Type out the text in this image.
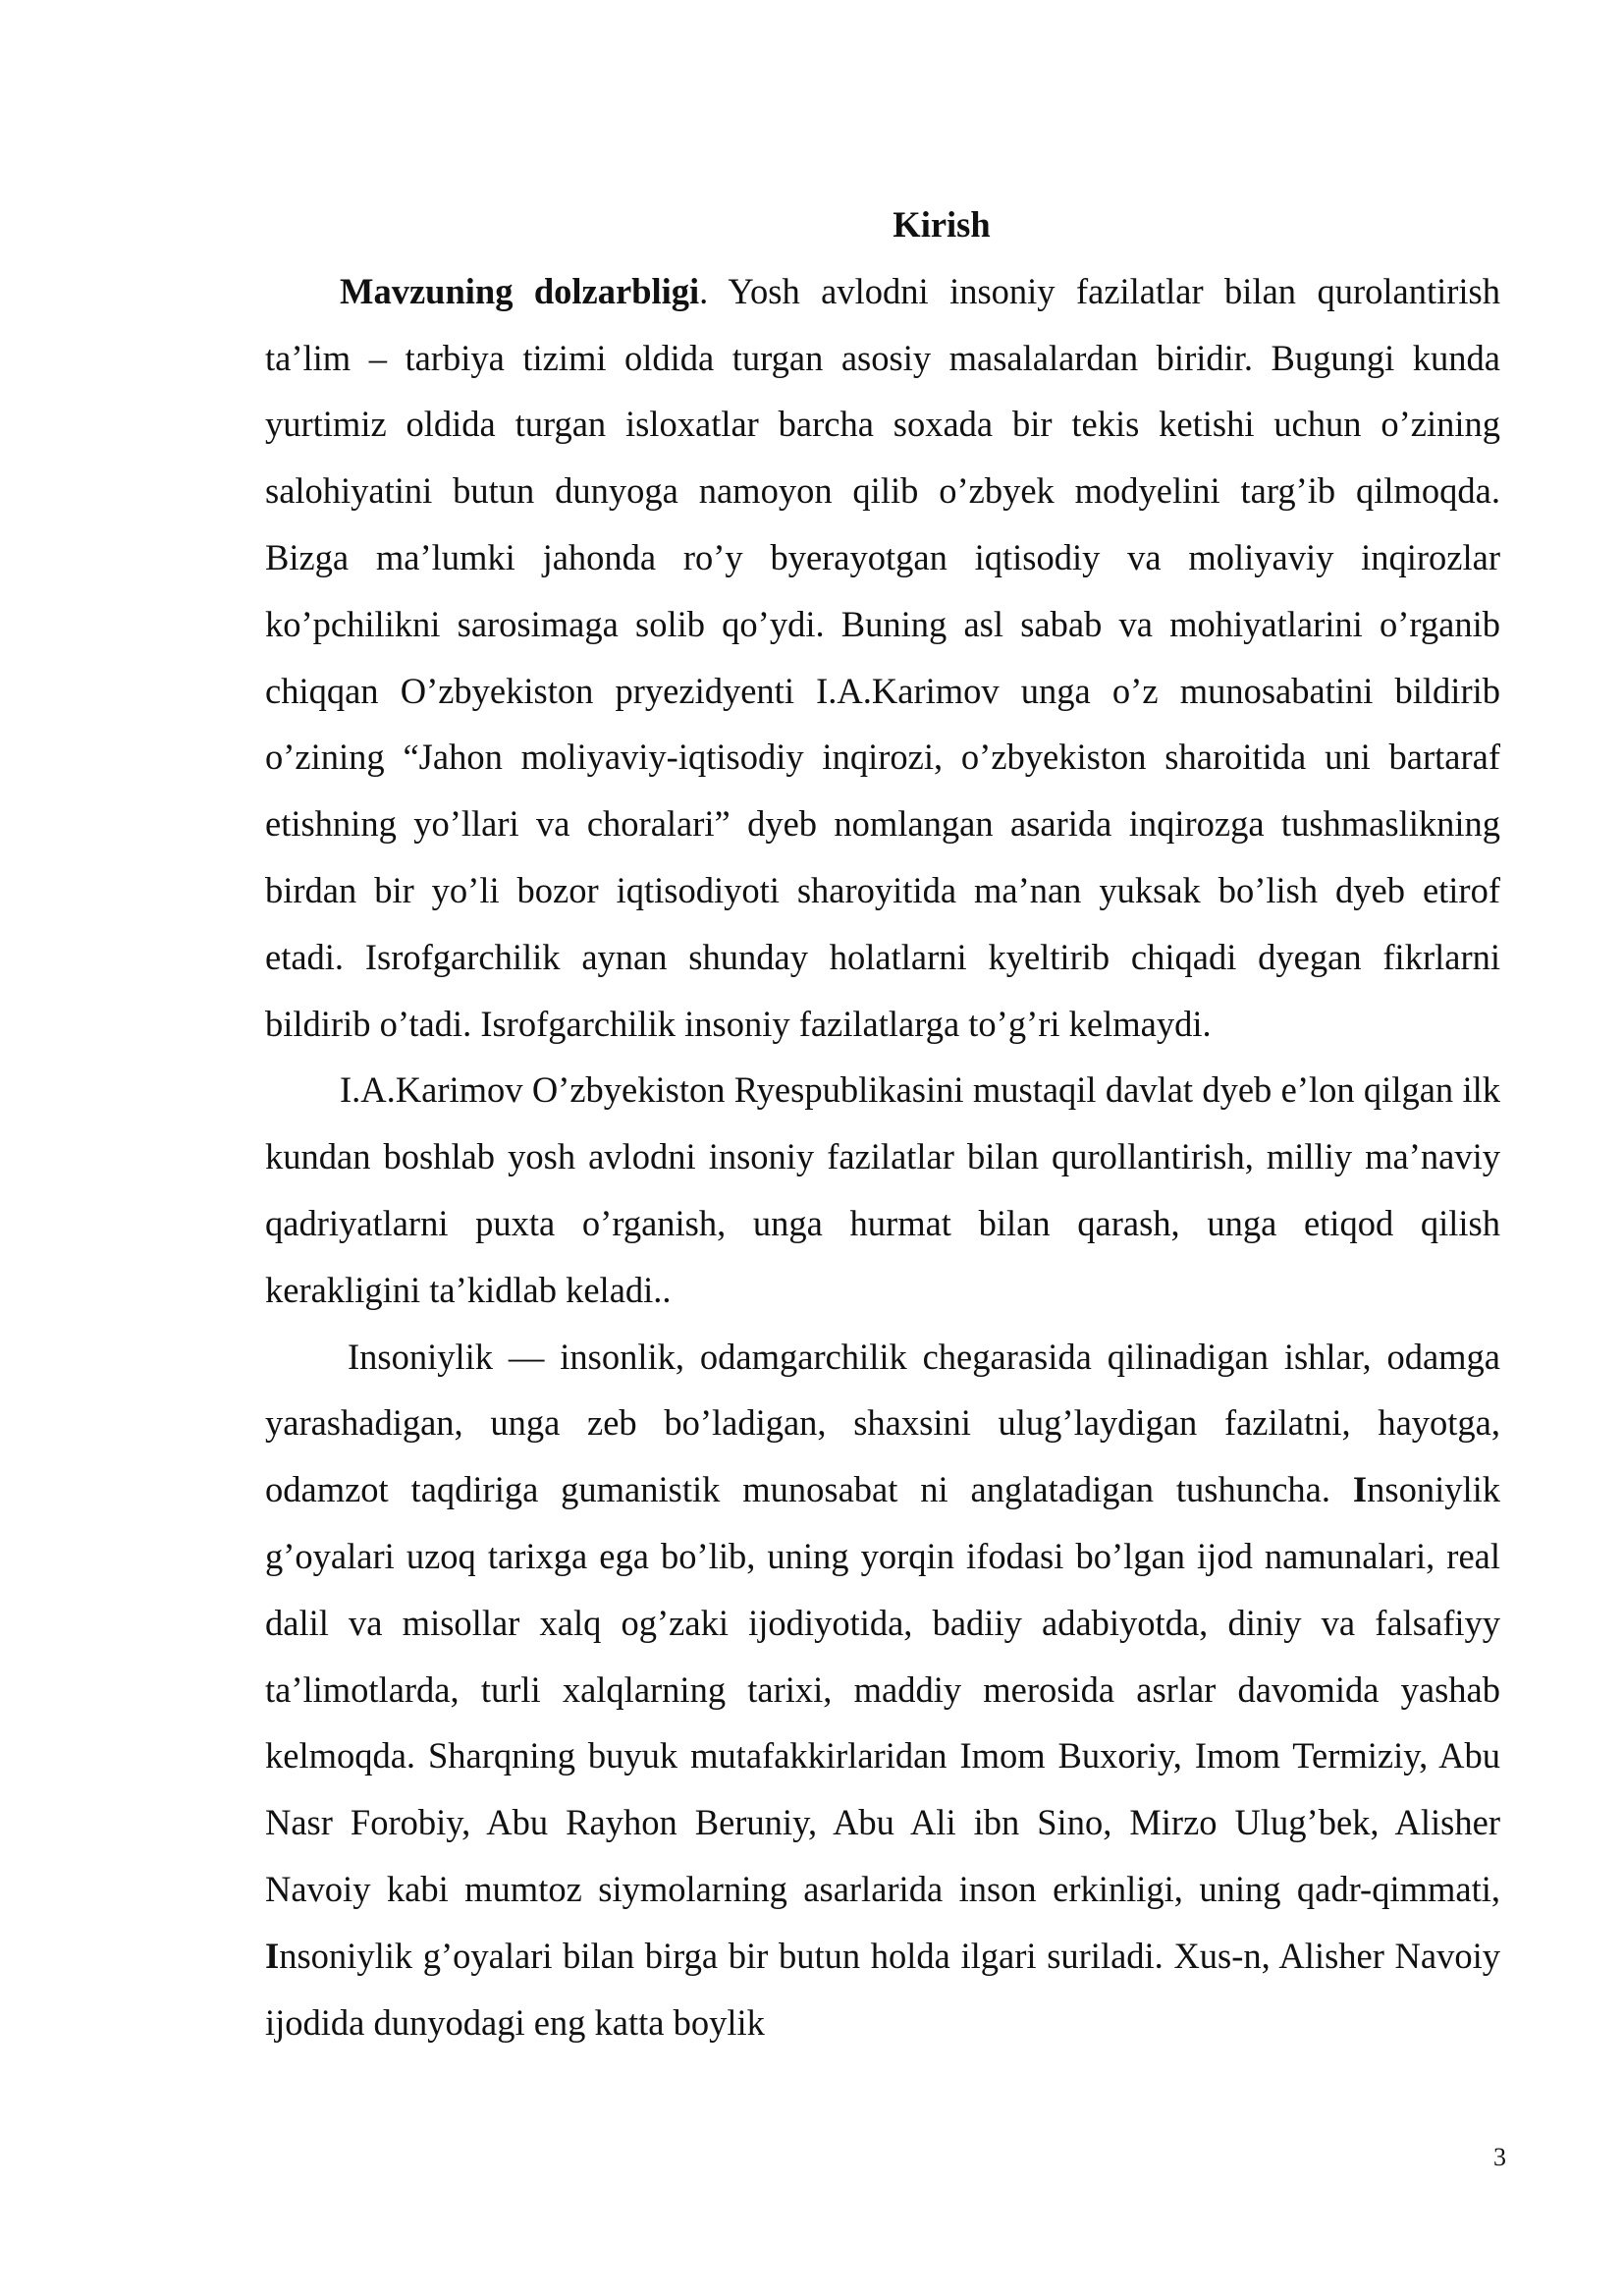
Kirish

Mavzuning dolzarbligi. Yosh avlodni insoniy fazilatlar bilan qurolantirish ta’lim – tarbiya tizimi oldida turgan asosiy masalalardan biridir. Bugungi kunda yurtimiz oldida turgan isloxatlar barcha soxada bir tekis ketishi uchun o’zining salohiyatini butun dunyoga namoyon qilib o’zbyek modyelini targ’ib qilmoqda. Bizga ma’lumki jahonda ro’y byerayotgan iqtisodiy va moliyaviy inqirozlar ko’pchilikni sarosimaga solib qo’ydi. Buning asl sabab va mohiyatlarini o’rganib chiqqan O’zbyekiston pryezidyenti I.A.Karimov unga o’z munosabatini bildirib o’zining “Jahon moliyaviy-iqtisodiy inqirozi, o’zbyekiston sharoitida uni bartaraf etishning yo’llari va choralari” dyeb nomlangan asarida inqirozga tushmaslikning birdan bir yo’li bozor iqtisodiyoti sharoyitida ma’nan yuksak bo’lish dyeb etirof etadi. Isrofgarchilik aynan shunday holatlarni kyeltirib chiqadi dyegan fikrlarni bildirib o’tadi. Isrofgarchilik insoniy fazilatlarga to’g’ri kelmaydi.

I.A.Karimov O’zbyekiston Ryespublikasini mustaqil davlat dyeb e’lon qilgan ilk kundan boshlab yosh avlodni insoniy fazilatlar bilan qurollantirish, milliy ma’naviy qadriyatlarni puxta o’rganish, unga hurmat bilan qarash, unga etiqod qilish kerakligini ta’kidlab keladi..

Insoniylik — insonlik, odamgarchilik chegarasida qilinadigan ishlar, odamga yarashadigan, unga zeb bo’ladigan, shaxsini ulug’laydigan fazilatni, hayotga, odamzot taqdiriga gumanistik munosabat ni anglatadigan tushuncha. Insoniylik g’oyalari uzoq tarixga ega bo’lib, uning yorqin ifodasi bo’lgan ijod namunalari, real dalil va misollar xalq og’zaki ijodiyotida, badiiy adabiyotda, diniy va falsafiyy ta’limotlarda, turli xalqlarning tarixi, maddiy merosida asrlar davomida yashab kelmoqda. Sharqning buyuk mutafakkirlaridan Imom Buxoriy, Imom Termiziy, Abu Nasr Forobiy, Abu Rayhon Beruniy, Abu Ali ibn Sino, Mirzo Ulug’bek, Alisher Navoiy kabi mumtoz siymolarning asarlarida inson erkinligi, uning qadr-qimmati, Insoniylik g’oyalari bilan birga bir butun holda ilgari suriladi. Xus-n, Alisher Navoiy ijodida dunyodagi eng katta boylik

3
